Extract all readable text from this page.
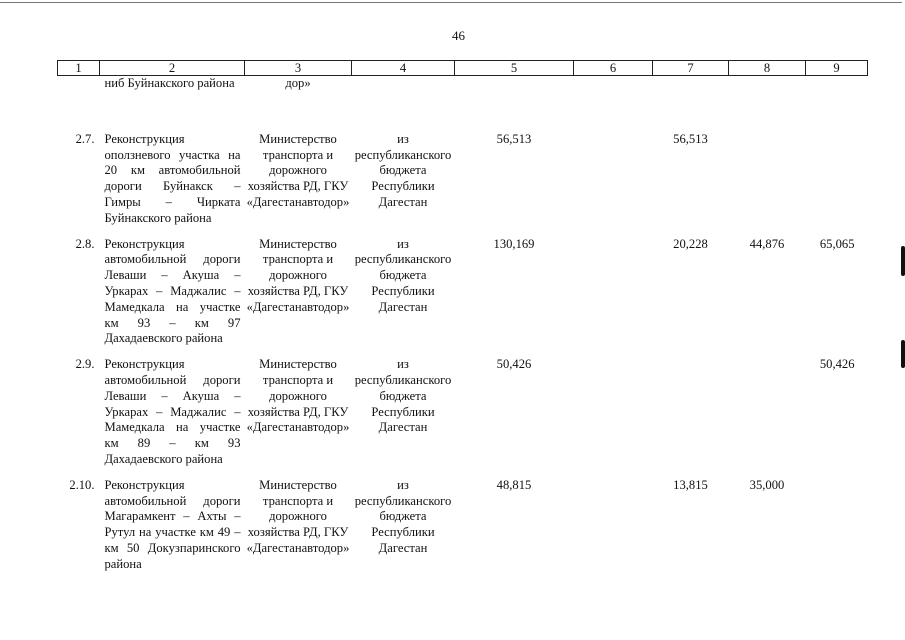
46
1	2	3	4	5	6	7	8	9
	ниб Буйнакского района	дор»						

2.7.	Реконструкция оползневого участка на 20 км автомобильной дороги Буйнакск – Гимры – Чирката Буйнакского района	Министерство транспорта и дорожного хозяйства РД, ГКУ «Дагестанавтодор»	из республиканского бюджета Республики Дагестан	56,513		56,513		

2.8.	Реконструкция автомобильной дороги Леваши – Акуша – Уркарах – Маджалис – Мамедкала на участке км 93 – км 97 Дахадаевского района	Министерство транспорта и дорожного хозяйства РД, ГКУ «Дагестанавтодор»	из республиканского бюджета Республики Дагестан	130,169		20,228	44,876	65,065

2.9.	Реконструкция автомобильной дороги Леваши – Акуша – Уркарах – Маджалис – Мамедкала на участке км 89 – км 93 Дахадаевского района	Министерство транспорта и дорожного хозяйства РД, ГКУ «Дагестанавтодор»	из республиканского бюджета Республики Дагестан	50,426				50,426

2.10.	Реконструкция автомобильной дороги Магарамкент – Ахты – Рутул на участке км 49 – км 50 Докузпаринского района	Министерство транспорта и дорожного хозяйства РД, ГКУ «Дагестанавтодор»	из республиканского бюджета Республики Дагестан	48,815		13,815	35,000	
